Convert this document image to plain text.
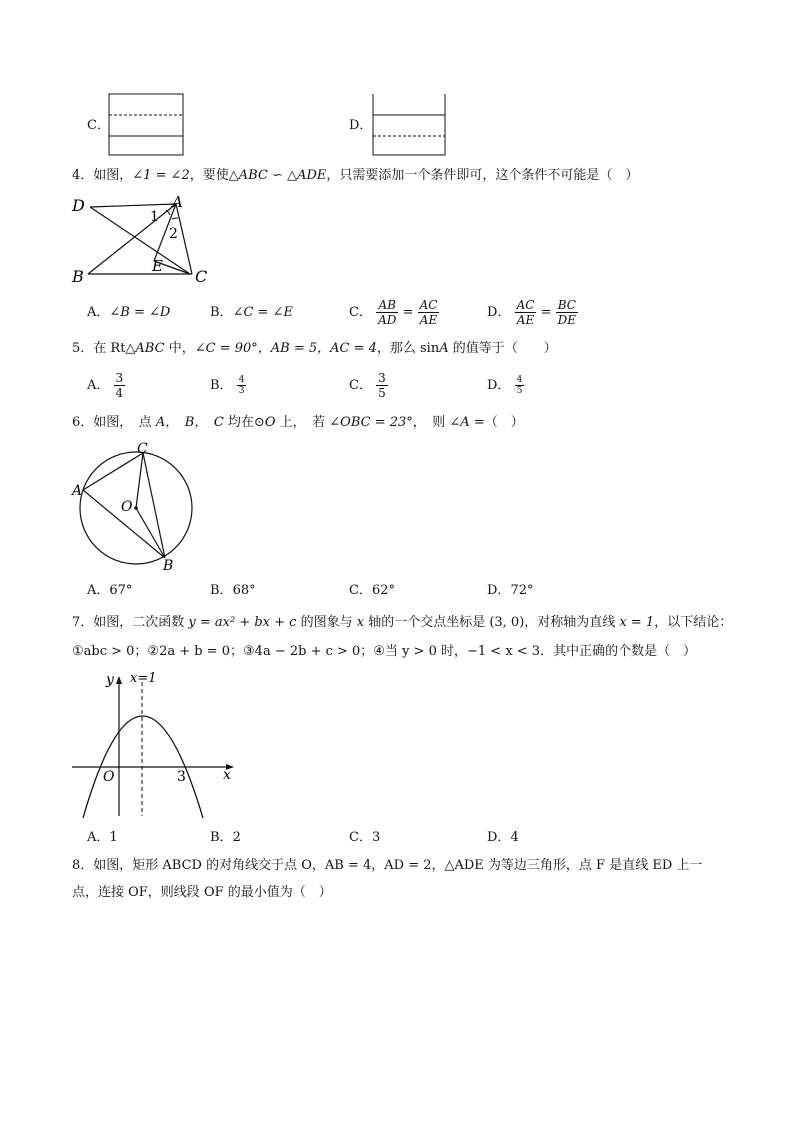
C．	D．
4．如图，∠1 = ∠2，要使△ABC ∽ △ADE，只需要添加一个条件即可，这个条件不可能是（　）
D	A
1
2
E
B	C
A．∠B = ∠D	B．∠C = ∠E	C． $\frac{AB}{AD} = \frac{AC}{AE}$	D． $\frac{AC}{AE} = \frac{BC}{DE}$
5．在 Rt△ABC 中，∠C = 90°，AB = 5，AC = 4，那么 sinA 的值等于（　　）
A． $\frac{3}{4}$	B． $\frac{4}{3}$	C． $\frac{3}{5}$	D． $\frac{4}{5}$
6．如图，　点 A，　B，　C 均在⊙O 上，　若 ∠OBC = 23°，　则 ∠A =（　）
C
A
O
B
A．67°	B．68°	C．62°	D．72°
7．如图，二次函数 y = ax² + bx + c 的图象与 x 轴的一个交点坐标是 (3, 0)，对称轴为直线 x = 1，以下结论：
①abc > 0；②2a + b = 0；③4a − 2b + c > 0；④当 y > 0 时，−1 < x < 3．其中正确的个数是（　）
y x=1
O	3	x
A．1	B．2	C．3	D．4
8．如图，矩形 ABCD 的对角线交于点 O，AB = 4，AD = 2，△ADE 为等边三角形，点 F 是直线 ED 上一
点，连接 OF，则线段 OF 的最小值为（　）
